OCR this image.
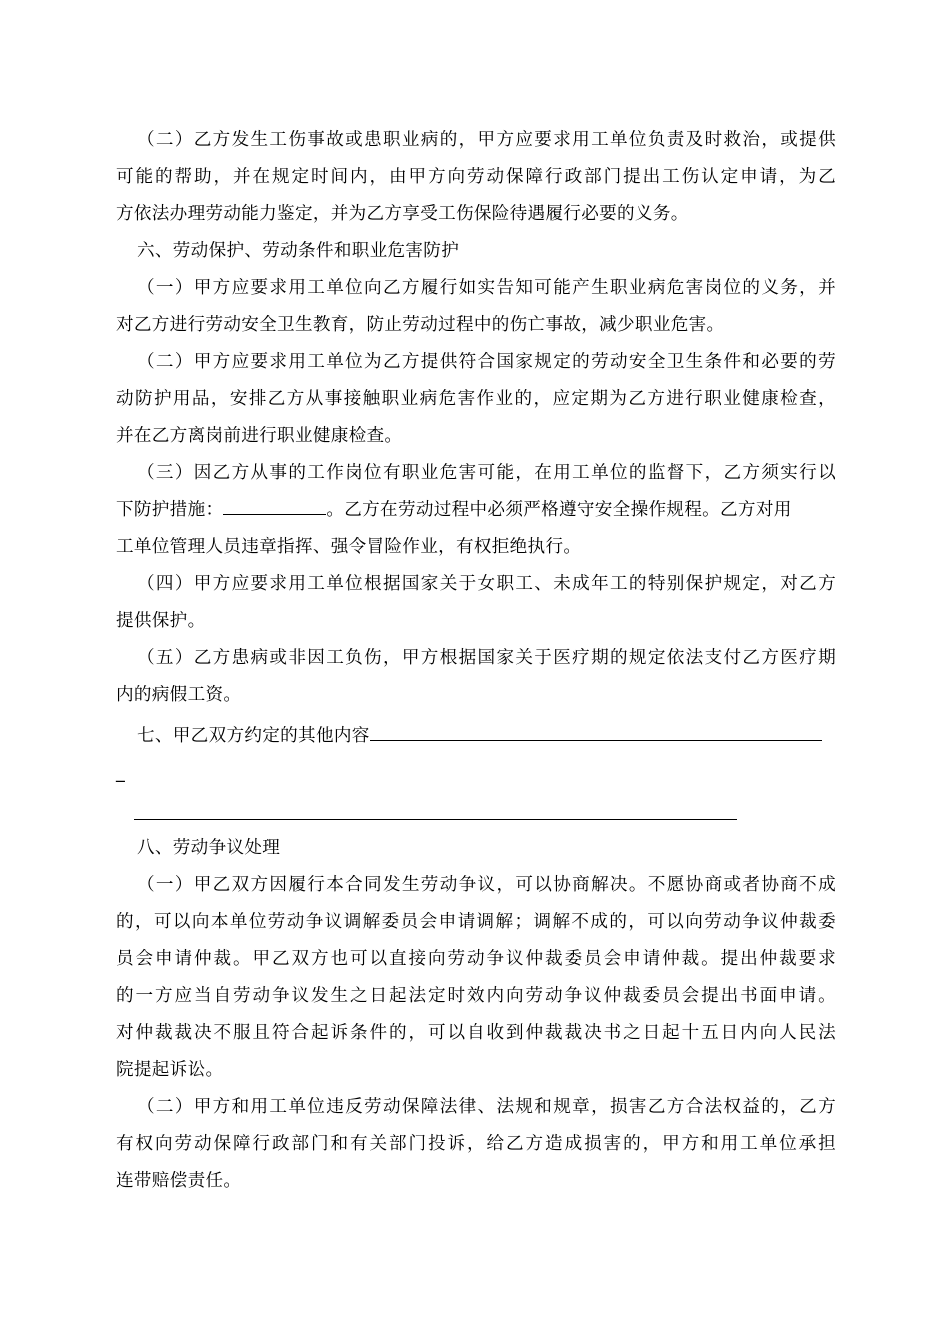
（二）乙方发生工伤事故或患职业病的，甲方应要求用工单位负责及时救治，或提供
可能的帮助，并在规定时间内，由甲方向劳动保障行政部门提出工伤认定申请，为乙
方依法办理劳动能力鉴定，并为乙方享受工伤保险待遇履行必要的义务。
六、劳动保护、劳动条件和职业危害防护
（一）甲方应要求用工单位向乙方履行如实告知可能产生职业病危害岗位的义务，并
对乙方进行劳动安全卫生教育，防止劳动过程中的伤亡事故，减少职业危害。
（二）甲方应要求用工单位为乙方提供符合国家规定的劳动安全卫生条件和必要的劳
动防护用品，安排乙方从事接触职业病危害作业的，应定期为乙方进行职业健康检查，
并在乙方离岗前进行职业健康检查。
（三）因乙方从事的工作岗位有职业危害可能，在用工单位的监督下，乙方须实行以
下防护措施：	。乙方在劳动过程中必须严格遵守安全操作规程。乙方对用
工单位管理人员违章指挥、强令冒险作业，有权拒绝执行。
（四）甲方应要求用工单位根据国家关于女职工、未成年工的特别保护规定，对乙方
提供保护。
（五）乙方患病或非因工负伤，甲方根据国家关于医疗期的规定依法支付乙方医疗期
内的病假工资。
七、甲乙双方约定的其他内容
_
八、劳动争议处理
（一）甲乙双方因履行本合同发生劳动争议，可以协商解决。不愿协商或者协商不成
的，可以向本单位劳动争议调解委员会申请调解；调解不成的，可以向劳动争议仲裁委
员会申请仲裁。甲乙双方也可以直接向劳动争议仲裁委员会申请仲裁。提出仲裁要求
的一方应当自劳动争议发生之日起法定时效内向劳动争议仲裁委员会提出书面申请。
对仲裁裁决不服且符合起诉条件的，可以自收到仲裁裁决书之日起十五日内向人民法
院提起诉讼。
（二）甲方和用工单位违反劳动保障法律、法规和规章，损害乙方合法权益的，乙方
有权向劳动保障行政部门和有关部门投诉，给乙方造成损害的，甲方和用工单位承担
连带赔偿责任。
